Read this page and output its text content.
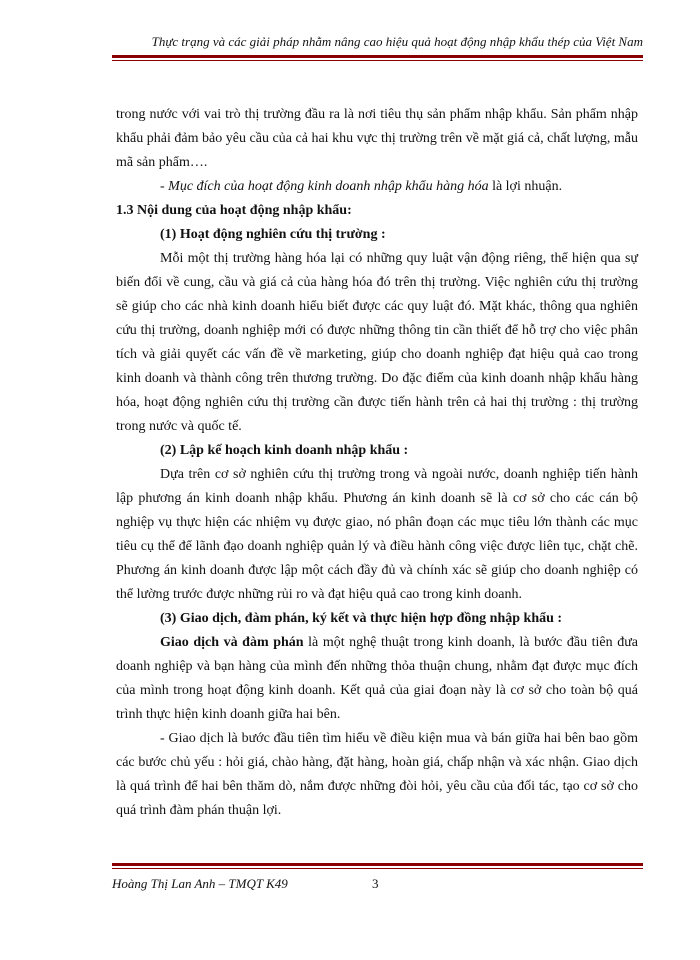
Thực trạng và các giải pháp nhằm nâng cao hiệu quả hoạt động nhập khẩu thép của Việt Nam

trong nước với vai trò thị trường đầu ra là nơi tiêu thụ sản phẩm nhập khẩu. Sản phẩm nhập khẩu phải đảm bảo yêu cầu của cả hai khu vực thị trường trên về mặt giá cả, chất lượng, mẫu mã sản phẩm….

- Mục đích của hoạt động kinh doanh nhập khẩu hàng hóa là lợi nhuận.

1.3 Nội dung của hoạt động nhập khẩu:

(1) Hoạt động nghiên cứu thị trường :

Mỗi một thị trường hàng hóa lại có những quy luật vận động riêng, thể hiện qua sự biến đổi về cung, cầu và giá cả của hàng hóa đó trên thị trường. Việc nghiên cứu thị trường sẽ giúp cho các nhà kinh doanh hiểu biết được các quy luật đó. Mặt khác, thông qua nghiên cứu thị trường, doanh nghiệp mới có được những thông tin cần thiết để hỗ trợ cho việc phân tích và giải quyết các vấn đề về marketing, giúp cho doanh nghiệp đạt hiệu quả cao trong kinh doanh và thành công trên thương trường. Do đặc điểm của kinh doanh nhập khẩu hàng hóa, hoạt động nghiên cứu thị trường cần được tiến hành trên cả hai thị trường : thị trường trong nước và quốc tế.

(2) Lập kế hoạch kinh doanh nhập khẩu :

Dựa trên cơ sở nghiên cứu thị trường trong và ngoài nước, doanh nghiệp tiến hành lập phương án kinh doanh nhập khẩu. Phương án kinh doanh sẽ là cơ sở cho các cán bộ nghiệp vụ thực hiện các nhiệm vụ được giao, nó phân đoạn các mục tiêu lớn thành các mục tiêu cụ thể để lãnh đạo doanh nghiệp quản lý và điều hành công việc được liên tục, chặt chẽ. Phương án kinh doanh được lập một cách đầy đủ và chính xác sẽ giúp cho doanh nghiệp có thể lường trước được những rủi ro và đạt hiệu quả cao trong kinh doanh.

(3) Giao dịch, đàm phán, ký kết và thực hiện hợp đồng nhập khẩu :

Giao dịch và đàm phán là một nghệ thuật trong kinh doanh, là bước đầu tiên đưa doanh nghiệp và bạn hàng của mình đến những thỏa thuận chung, nhằm đạt được mục đích của mình trong hoạt động kinh doanh. Kết quả của giai đoạn này là cơ sở cho toàn bộ quá trình thực hiện kinh doanh giữa hai bên.

- Giao dịch là bước đầu tiên tìm hiểu về điều kiện mua và bán giữa hai bên bao gồm các bước chủ yếu : hỏi giá, chào hàng, đặt hàng, hoàn giá, chấp nhận và xác nhận. Giao dịch là quá trình để hai bên thăm dò, nắm được những đòi hỏi, yêu cầu của đối tác, tạo cơ sở cho quá trình đàm phán thuận lợi.

Hoàng Thị Lan Anh – TMQT K49	3
